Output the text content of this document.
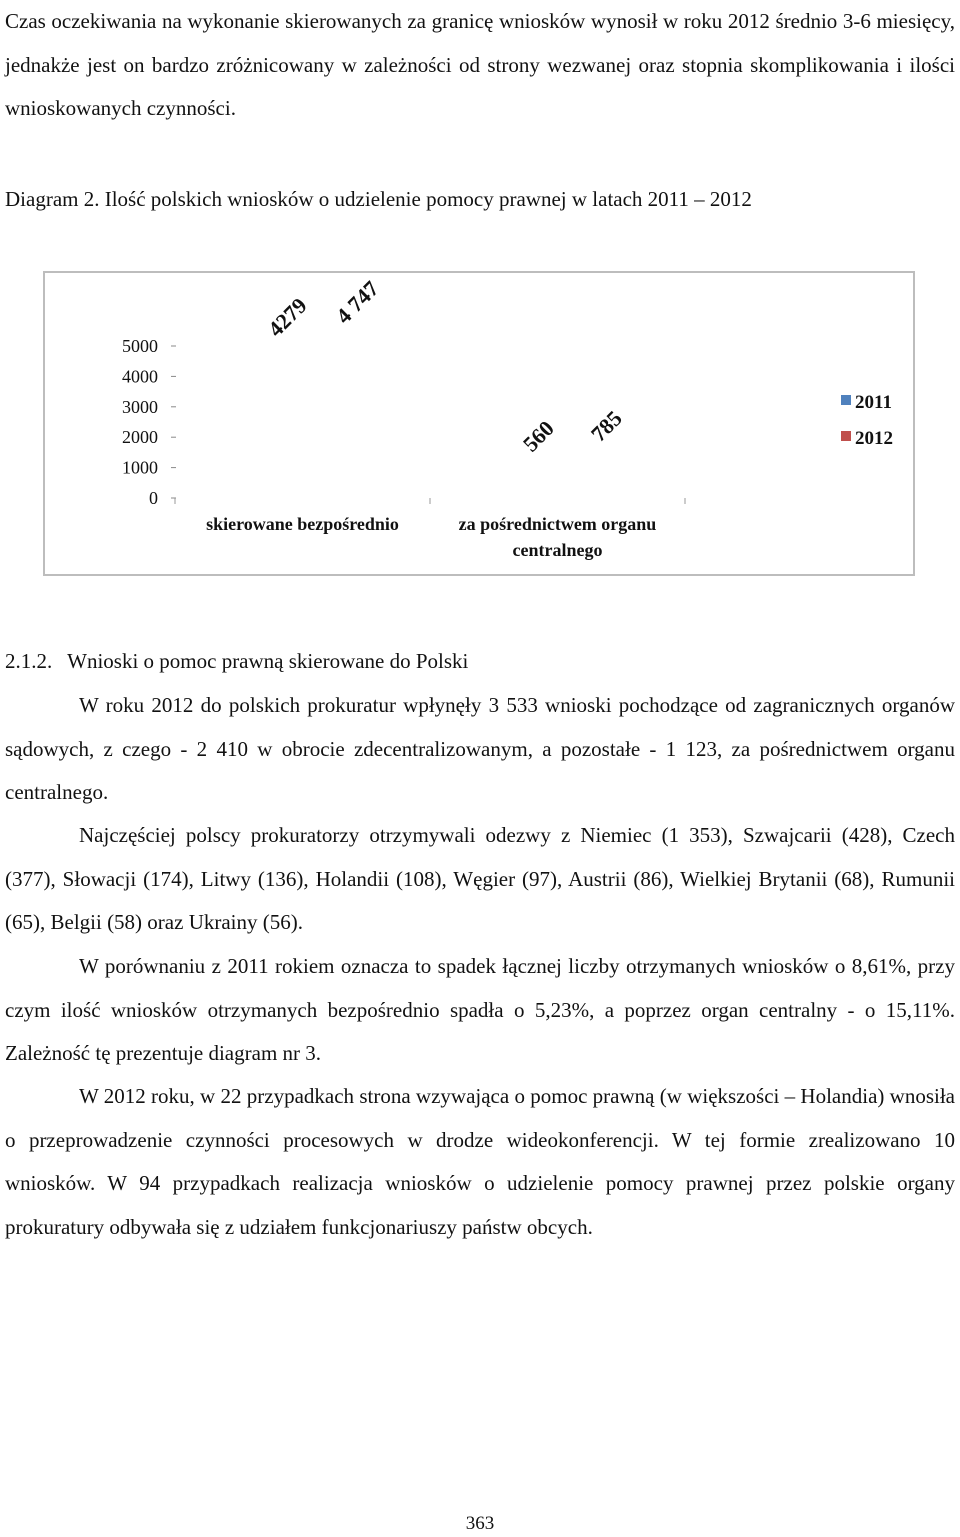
Czas oczekiwania na wykonanie skierowanych za granicę wniosków wynosił w roku 2012 średnio 3-6 miesięcy, jednakże jest on bardzo zróżnicowany w zależności od strony wezwanej oraz stopnia skomplikowania i ilości wnioskowanych czynności.

Diagram 2. Ilość polskich wniosków o udzielenie pomocy prawnej w latach 2011 – 2012
0
1000
2000
3000
4000
5000
4279 4 747
skierowane bezpośrednio
560 785
za pośrednictwem organu
centralnego
2011
2012
2.1.2. Wnioski o pomoc prawną skierowane do Polski

W roku 2012 do polskich prokuratur wpłynęły 3 533 wnioski pochodzące od zagranicznych organów sądowych, z czego - 2 410 w obrocie zdecentralizowanym, a pozostałe - 1 123, za pośrednictwem organu centralnego.

Najczęściej polscy prokuratorzy otrzymywali odezwy z Niemiec (1 353), Szwajcarii (428), Czech (377), Słowacji (174), Litwy (136), Holandii (108), Węgier (97), Austrii (86), Wielkiej Brytanii (68), Rumunii (65), Belgii (58) oraz Ukrainy (56).

W porównaniu z 2011 rokiem oznacza to spadek łącznej liczby otrzymanych wniosków o 8,61%, przy czym ilość wniosków otrzymanych bezpośrednio spadła o 5,23%, a poprzez organ centralny - o 15,11%. Zależność tę prezentuje diagram nr 3.

W 2012 roku, w 22 przypadkach strona wzywająca o pomoc prawną (w większości – Holandia) wnosiła o przeprowadzenie czynności procesowych w drodze wideokonferencji. W tej formie zrealizowano 10 wniosków. W 94 przypadkach realizacja wniosków o udzielenie pomocy prawnej przez polskie organy prokuratury odbywała się z udziałem funkcjonariuszy państw obcych.

363
